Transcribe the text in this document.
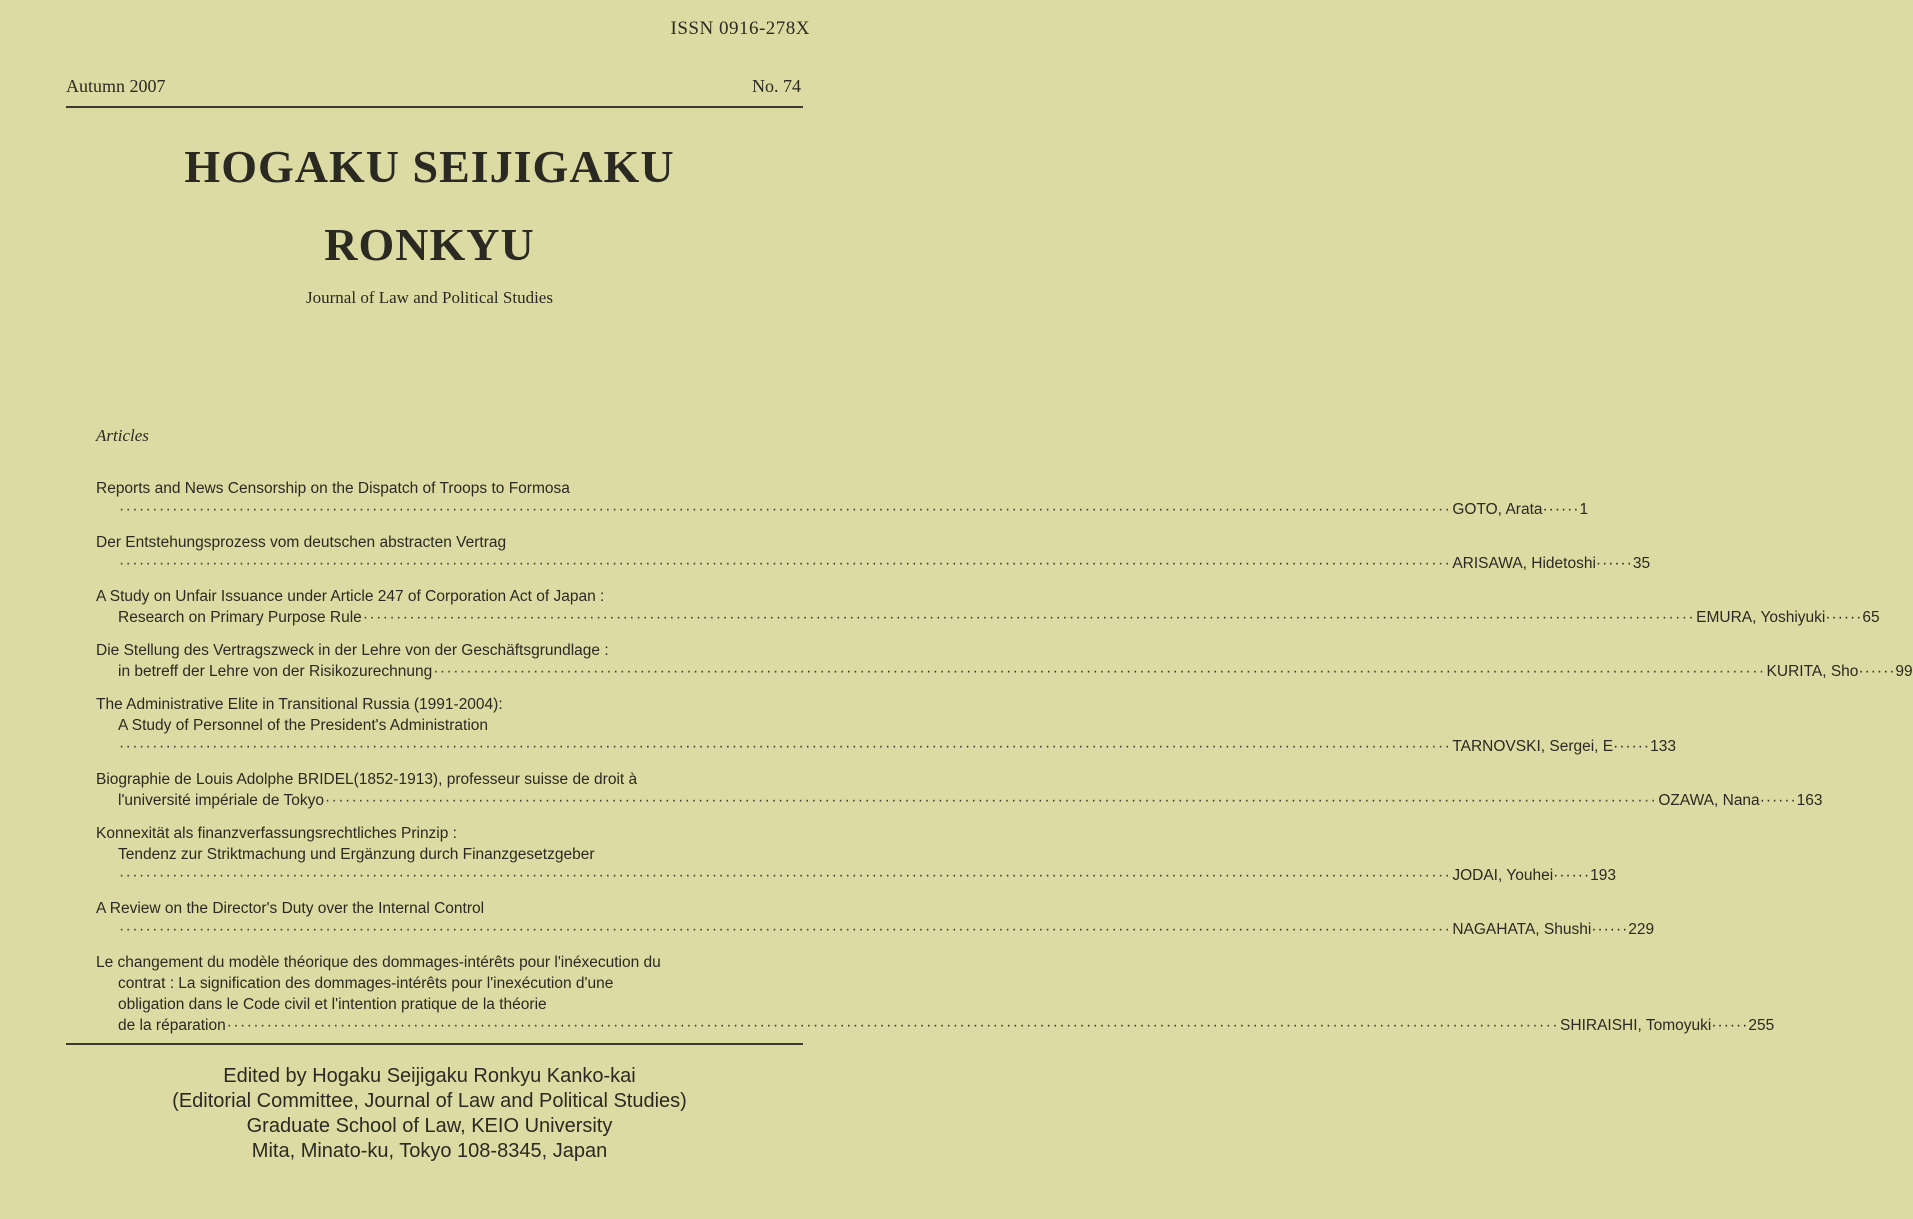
ISSN 0916-278X
Autumn 2007	No. 74
HOGAKU SEIJIGAKU
RONKYU
Journal of Law and Political Studies
Articles
Reports and News Censorship on the Dispatch of Troops to Formosa
········································································································································································································ GOTO, Arata ······1
Der Entstehungsprozess vom deutschen abstracten Vertrag
········································································································································································································ ARISAWA, Hidetoshi ······35
A Study on Unfair Issuance under Article 247 of Corporation Act of Japan :
Research on Primary Purpose Rule ········································································································································································································ EMURA, Yoshiyuki ······65
Die Stellung des Vertragszweck in der Lehre von der Geschäftsgrundlage :
in betreff der Lehre von der Risikozurechnung ········································································································································································································ KURITA, Sho ······99
The Administrative Elite in Transitional Russia (1991-2004):
A Study of Personnel of the President's Administration
········································································································································································································ TARNOVSKI, Sergei, E ······133
Biographie de Louis Adolphe BRIDEL(1852-1913), professeur suisse de droit à
l'université impériale de Tokyo ········································································································································································································ OZAWA, Nana ······163
Konnexität als finanzverfassungsrechtliches Prinzip :
Tendenz zur Striktmachung und Ergänzung durch Finanzgesetzgeber
········································································································································································································ JODAI, Youhei ······193
A Review on the Director's Duty over the Internal Control
········································································································································································································ NAGAHATA, Shushi ······229
Le changement du modèle théorique des dommages-intérêts pour l'inéxecution du
contrat : La signification des dommages-intérêts pour l'inexécution d'une
obligation dans le Code civil et l'intention pratique de la théorie
de la réparation ········································································································································································································ SHIRAISHI, Tomoyuki ······255
Edited by Hogaku Seijigaku Ronkyu Kanko-kai
(Editorial Committee, Journal of Law and Political Studies)
Graduate School of Law, KEIO University
Mita, Minato-ku, Tokyo 108-8345, Japan
